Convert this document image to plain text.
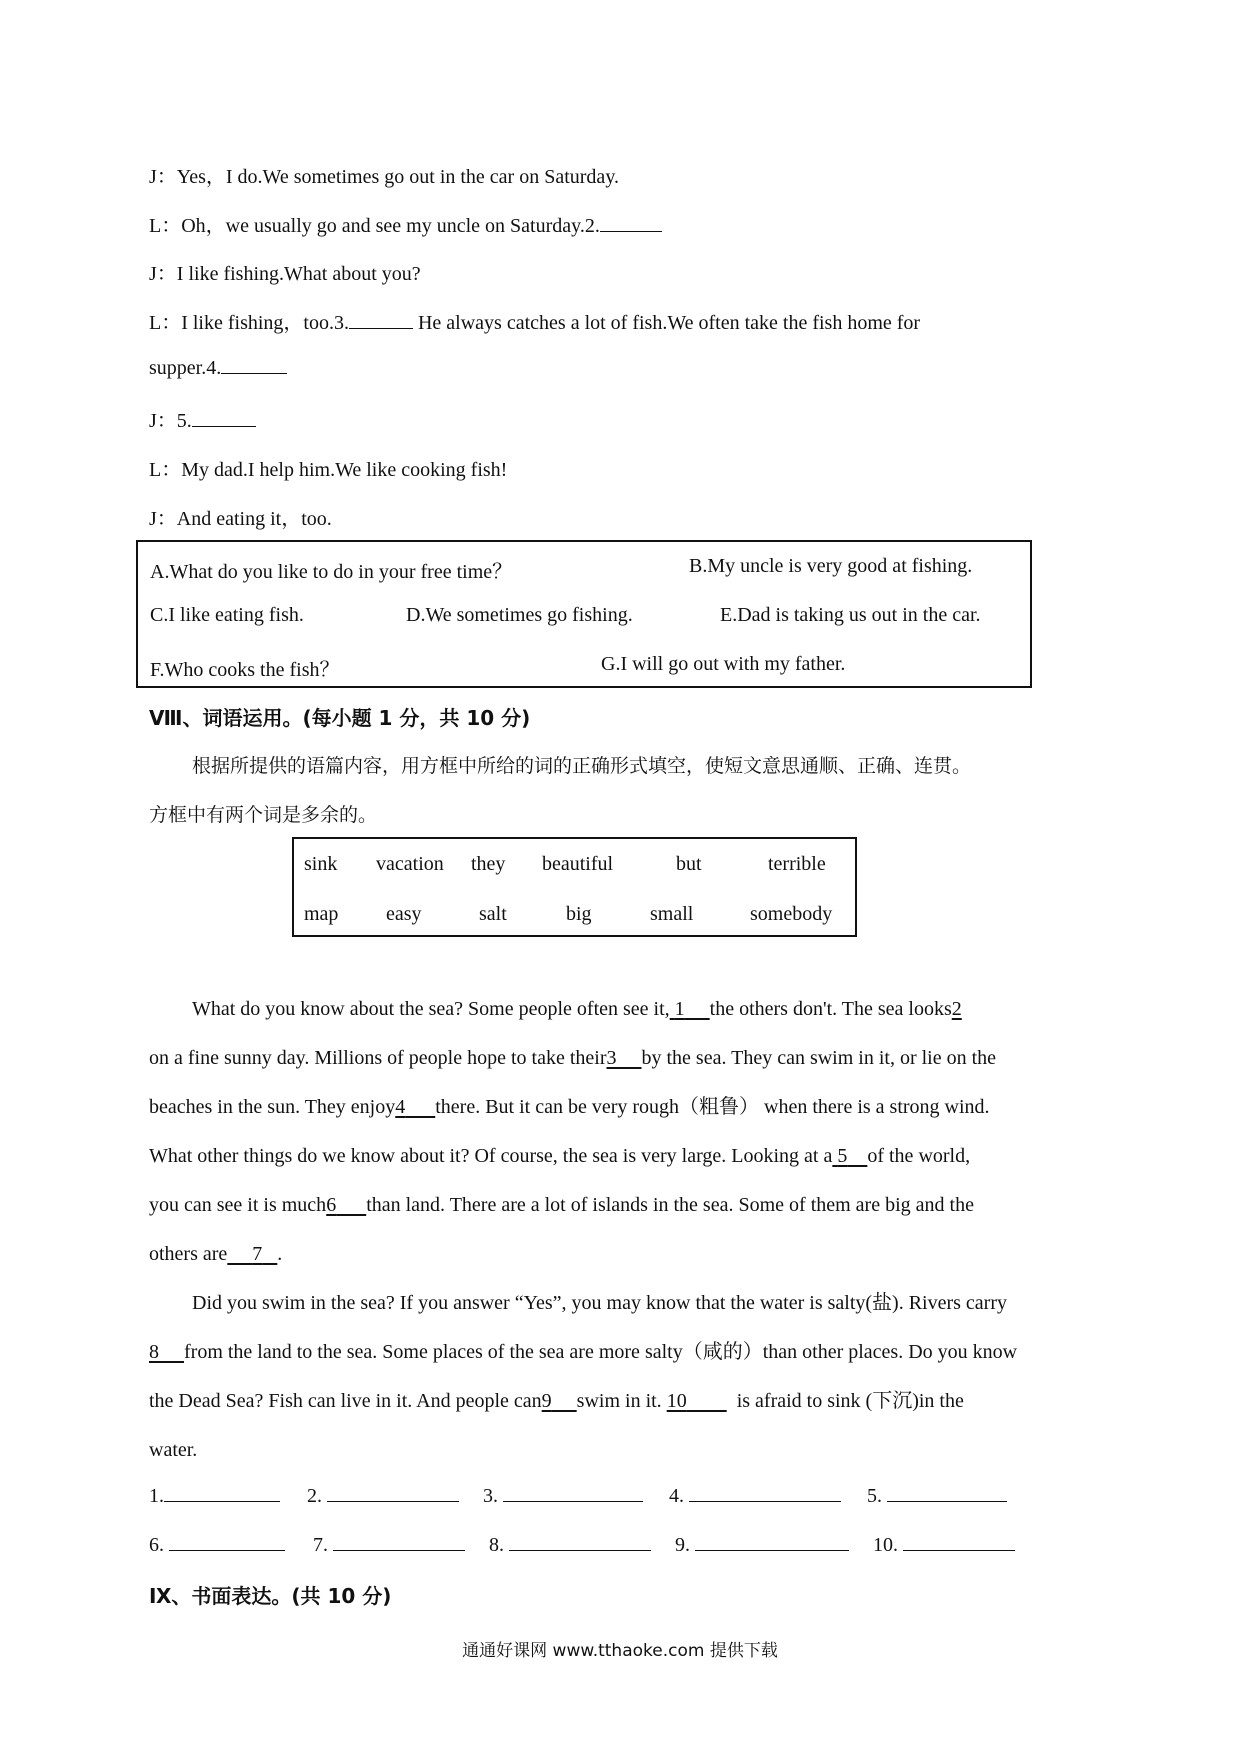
J：Yes，I do.We sometimes go out in the car on Saturday.
L：Oh，we usually go and see my uncle on Saturday.2.
J：I like fishing.What about you?
L：I like fishing，too.3.	He always catches a lot of fish.We often take the fish home for
supper.4.
J：5.
L：My dad.I help him.We like cooking fish!
J：And eating it，too.
A.What do you like to do in your free time？	B.My uncle is very good at fishing.
C.I like eating fish.	D.We sometimes go fishing.	E.Dad is taking us out in the car.
F.Who cooks the fish？	G.I will go out with my father.
Ⅷ、词语运用。(每小题 1 分，共 10 分)
根据所提供的语篇内容，用方框中所给的词的正确形式填空，使短文意思通顺、正确、连贯。
方框中有两个词是多余的。
sink vacation they beautiful	but	terrible
map easy	salt	big	small	somebody
What do you know about the sea? Some people often see it, 1 the others don't. The sea looks2
on a fine sunny day. Millions of people hope to take their3 by the sea. They can swim in it, or lie on the
beaches in the sun. They enjoy4 there. But it can be very rough（粗鲁） when there is a strong wind.
What other things do we know about it? Of course, the sea is very large. Looking at a 5 of the world,
you can see it is much6 than land. There are a lot of islands in the sea. Some of them are big and the
others are 7 .
Did you swim in the sea? If you answer “Yes”, you may know that the water is salty(盐). Rivers carry
8 from the land to the sea. Some places of the sea are more salty（咸的）than other places. Do you know
the Dead Sea? Fish can live in it. And people can9 swim in it. 10	is afraid to sink (下沉)in the
water.
1.	2.	3.	4.	5.
6.	7.	8.	9.	10.
Ⅸ、书面表达。(共 10 分)
通通好课网 www.tthaoke.com 提供下载
